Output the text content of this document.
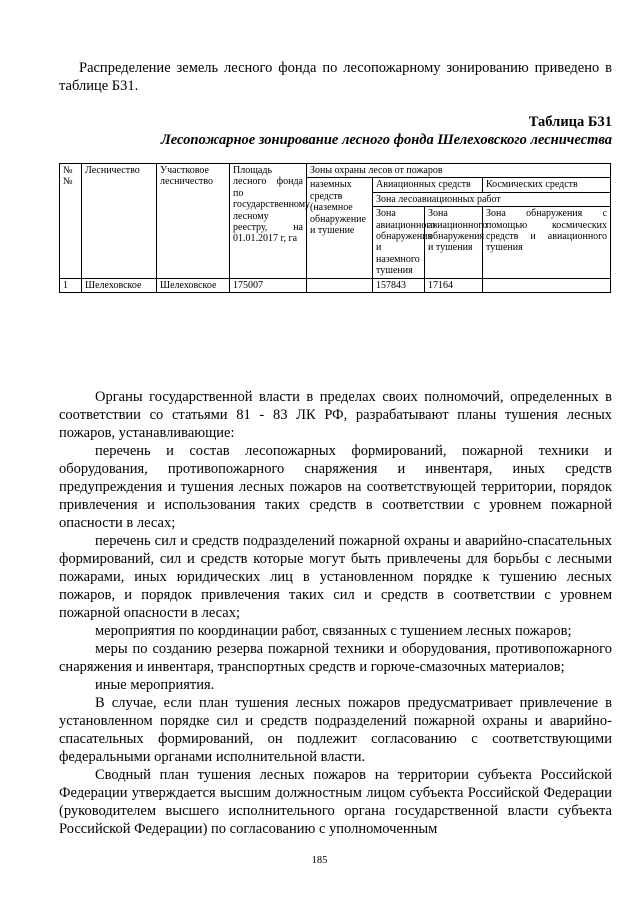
Распределение земель лесного фонда по лесопожарному зонированию приведено в таблице Б31.

Таблица Б31

Лесопожарное зонирование лесного фонда Шелеховского лесничества

№ №	Лесничество	Участковое лесничество	Площадь лесного фонда по государственному лесному реестру, на 01.01.2017 г, га	Зоны охраны лесов от пожаров			
				наземных средств (наземное обнаружение и тушение	Авиационных средств		Космических средств
					Зона лесоавиационных работ		
					Зона авиационного обнаружения и наземного тушения	Зона авиационного обнаружения и тушения	Зона обнаружения с помощью космических средств и авиационного тушения
1	Шелеховское	Шелеховское	175007		157843	17164	

Органы государственной власти в пределах своих полномочий, определенных в соответствии со статьями 81 - 83 ЛК РФ, разрабатывают планы тушения лесных пожаров, устанавливающие:

перечень и состав лесопожарных формирований, пожарной техники и оборудования, противопожарного снаряжения и инвентаря, иных средств предупреждения и тушения лесных пожаров на соответствующей территории, порядок привлечения и использования таких средств в соответствии с уровнем пожарной опасности в лесах;

перечень сил и средств подразделений пожарной охраны и аварийно-спасательных формирований, сил и средств которые могут быть привлечены для борьбы с лесными пожарами, иных юридических лиц в установленном порядке к тушению лесных пожаров, и порядок привлечения таких сил и средств в соответствии с уровнем пожарной опасности в лесах;

мероприятия по координации работ, связанных с тушением лесных пожаров;

меры по созданию резерва пожарной техники и оборудования, противопожарного снаряжения и инвентаря, транспортных средств и горюче-смазочных материалов;

иные мероприятия.

В случае, если план тушения лесных пожаров предусматривает привлечение в установленном порядке сил и средств подразделений пожарной охраны и аварийно-спасательных формирований, он подлежит согласованию с соответствующими федеральными органами исполнительной власти.

Сводный план тушения лесных пожаров на территории субъекта Российской Федерации утверждается высшим должностным лицом субъекта Российской Федерации (руководителем высшего исполнительного органа государственной власти субъекта Российской Федерации) по согласованию с уполномоченным

185
